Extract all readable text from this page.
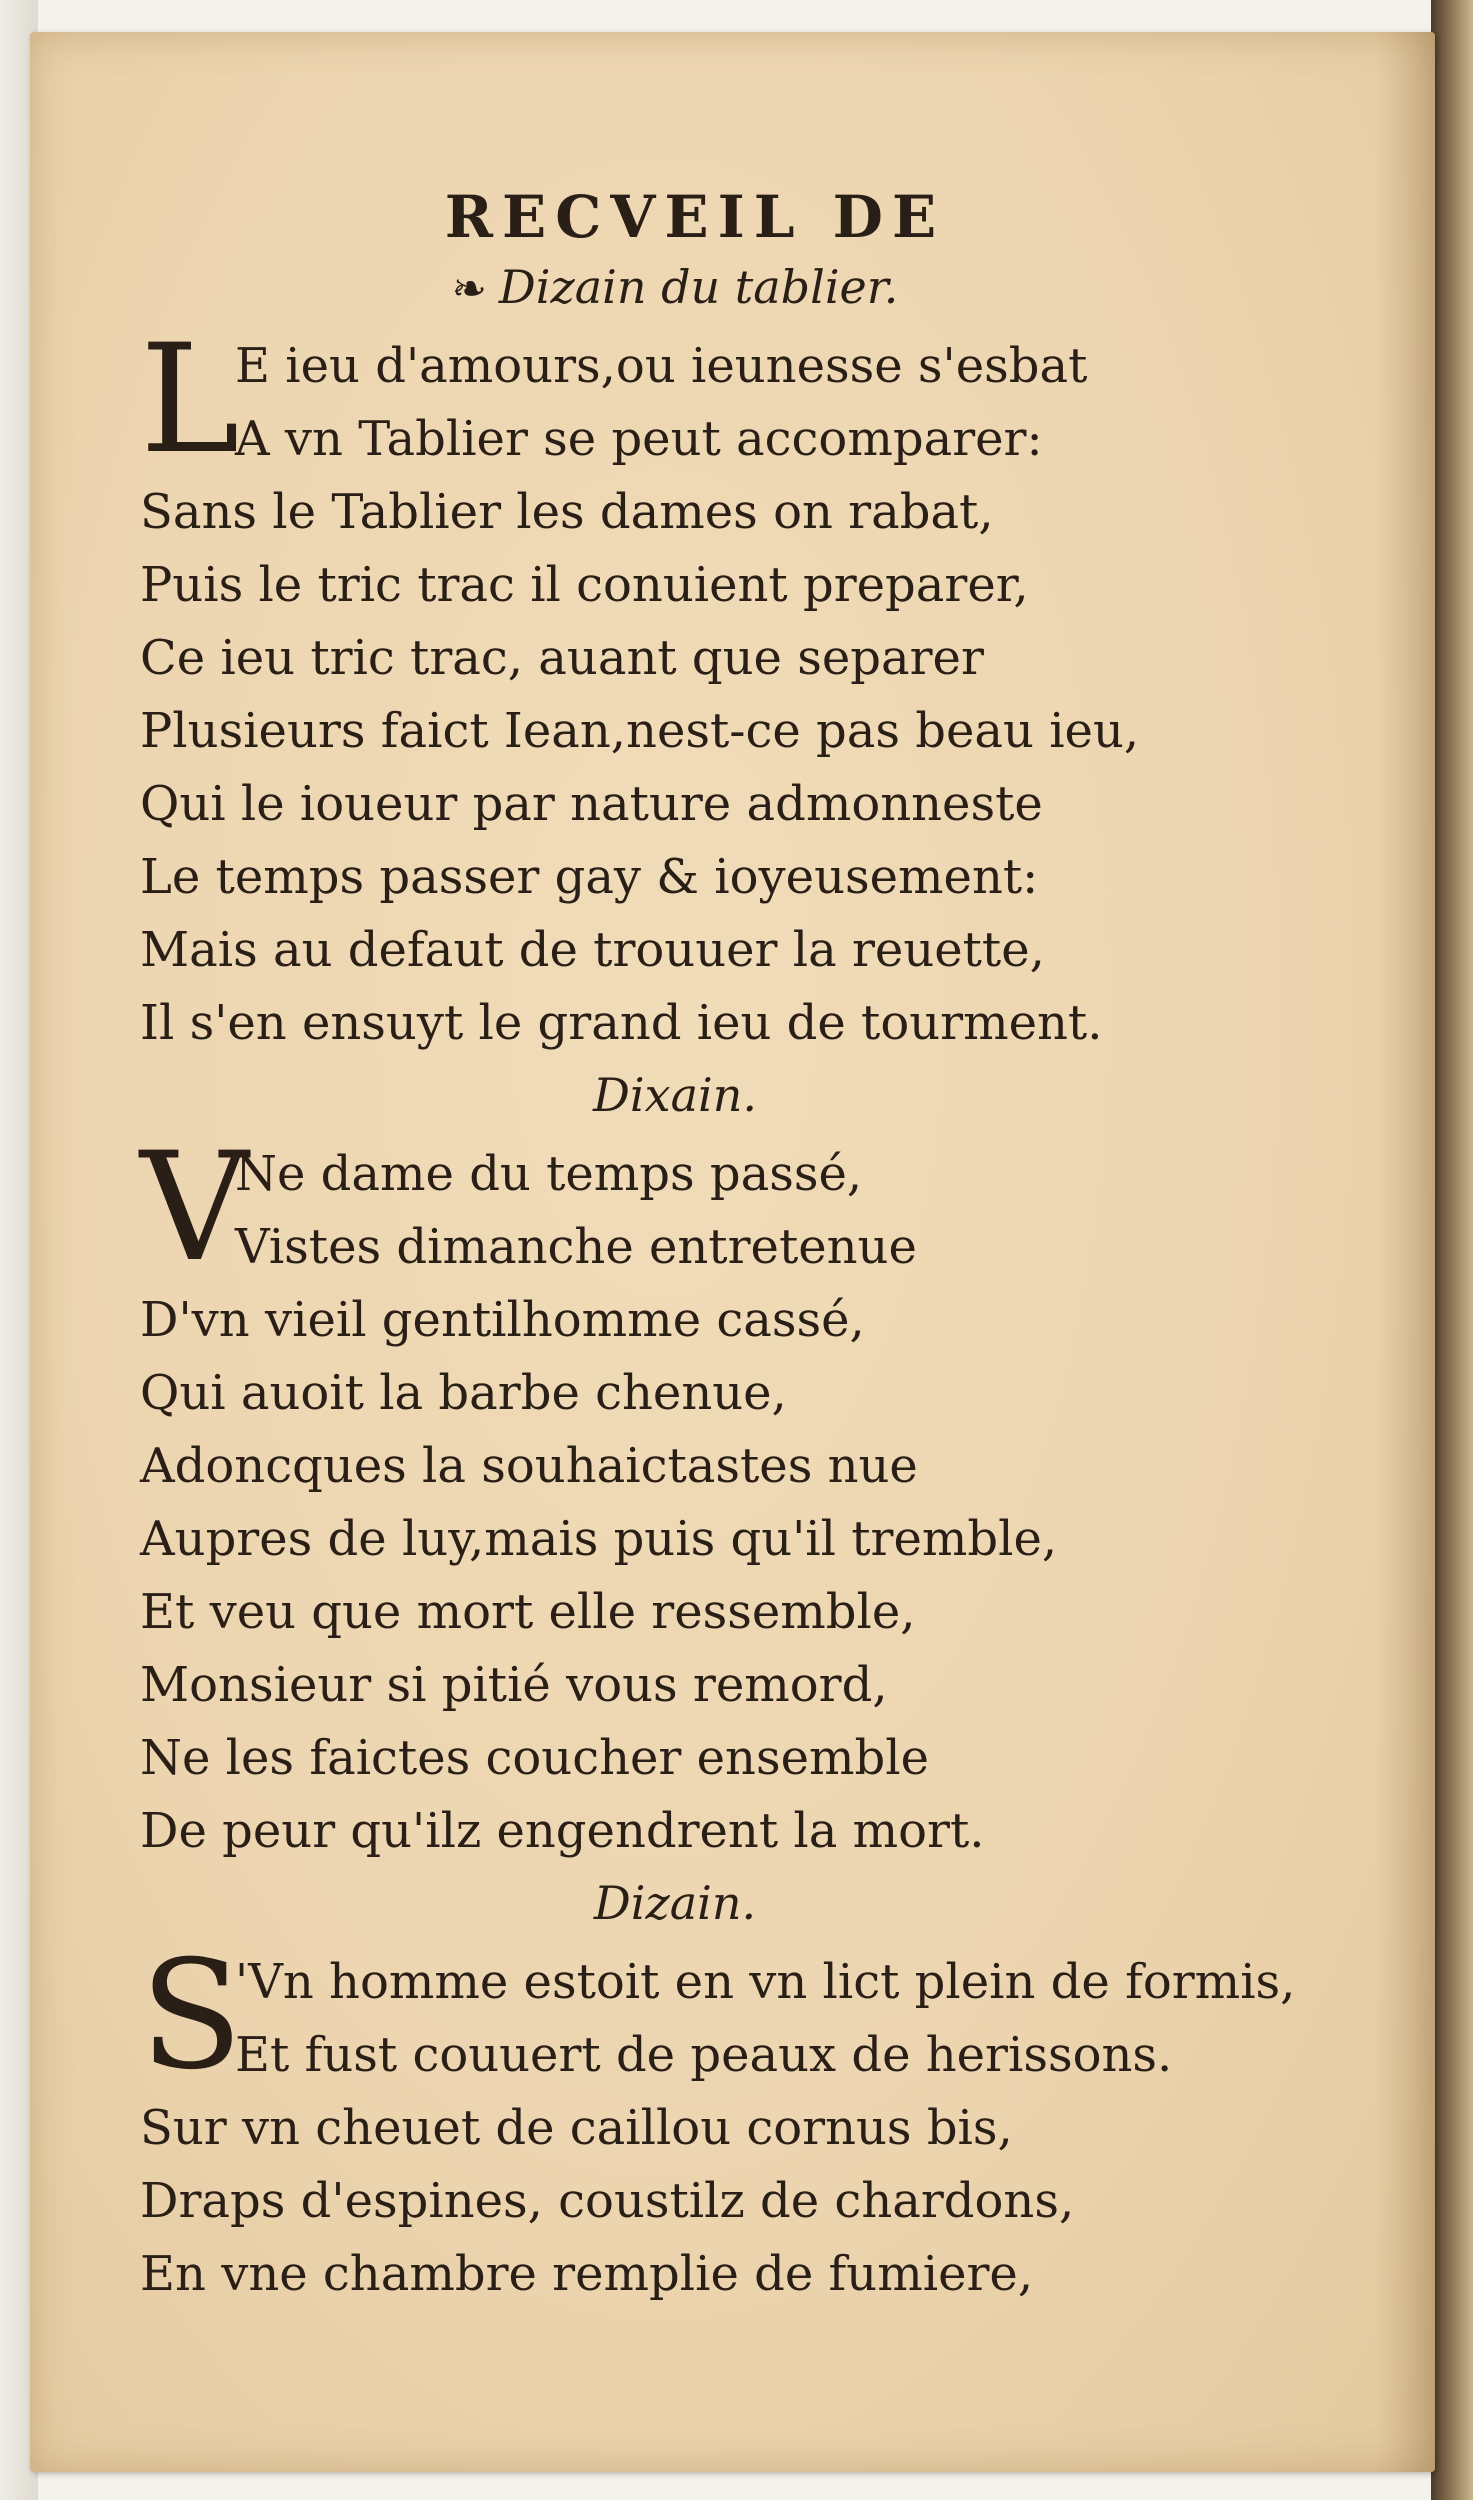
RECVEIL DE
❧ Dizain du tablier.
L
E ieu d'amours,ou ieunesse s'esbat
A vn Tablier se peut accomparer:
Sans le Tablier les dames on rabat,
Puis le tric trac il conuient preparer,
Ce ieu tric trac, auant que separer
Plusieurs faict Iean,nest-ce pas beau ieu,
Qui le ioueur par nature admonneste
Le temps passer gay & ioyeusement:
Mais au defaut de trouuer la reuette,
Il s'en ensuyt le grand ieu de tourment.
Dixain.
V
Ne dame du temps passé,
Vistes dimanche entretenue
D'vn vieil gentilhomme cassé,
Qui auoit la barbe chenue,
Adoncques la souhaictastes nue
Aupres de luy,mais puis qu'il tremble,
Et veu que mort elle ressemble,
Monsieur si pitié vous remord,
Ne les faictes coucher ensemble
De peur qu'ilz engendrent la mort.
Dizain.
S
'Vn homme estoit en vn lict plein de formis,
Et fust couuert de peaux de herissons.
Sur vn cheuet de caillou cornus bis,
Draps d'espines, coustilz de chardons,
En vne chambre remplie de fumiere,
